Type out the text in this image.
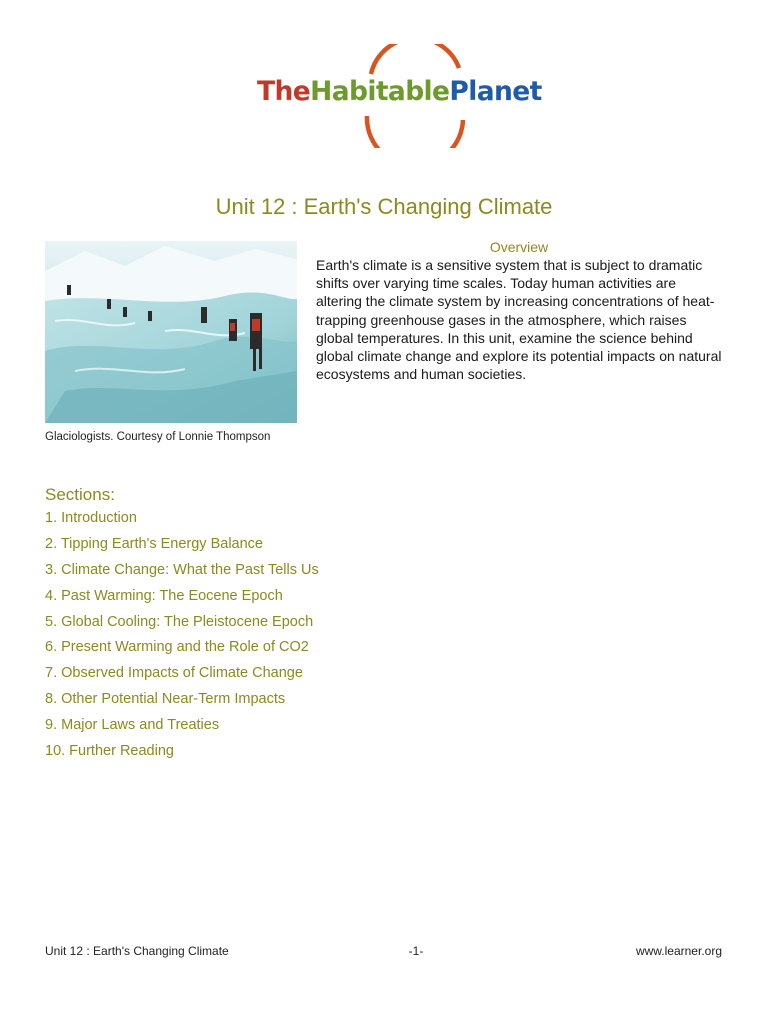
TheHabitablePlanet
Unit 12 : Earth's Changing Climate
Glaciologists. Courtesy of Lonnie Thompson
Overview

Earth's climate is a sensitive system that is subject to dramatic shifts over varying time scales. Today human activities are altering the climate system by increasing concentrations of heat-trapping greenhouse gases in the atmosphere, which raises global temperatures. In this unit, examine the science behind global climate change and explore its potential impacts on natural ecosystems and human societies.

Sections:
1. Introduction
2. Tipping Earth's Energy Balance
3. Climate Change: What the Past Tells Us
4. Past Warming: The Eocene Epoch
5. Global Cooling: The Pleistocene Epoch
6. Present Warming and the Role of CO2
7. Observed Impacts of Climate Change
8. Other Potential Near-Term Impacts
9. Major Laws and Treaties
10. Further Reading
Unit 12 : Earth's Changing Climate	-1-	www.learner.org
